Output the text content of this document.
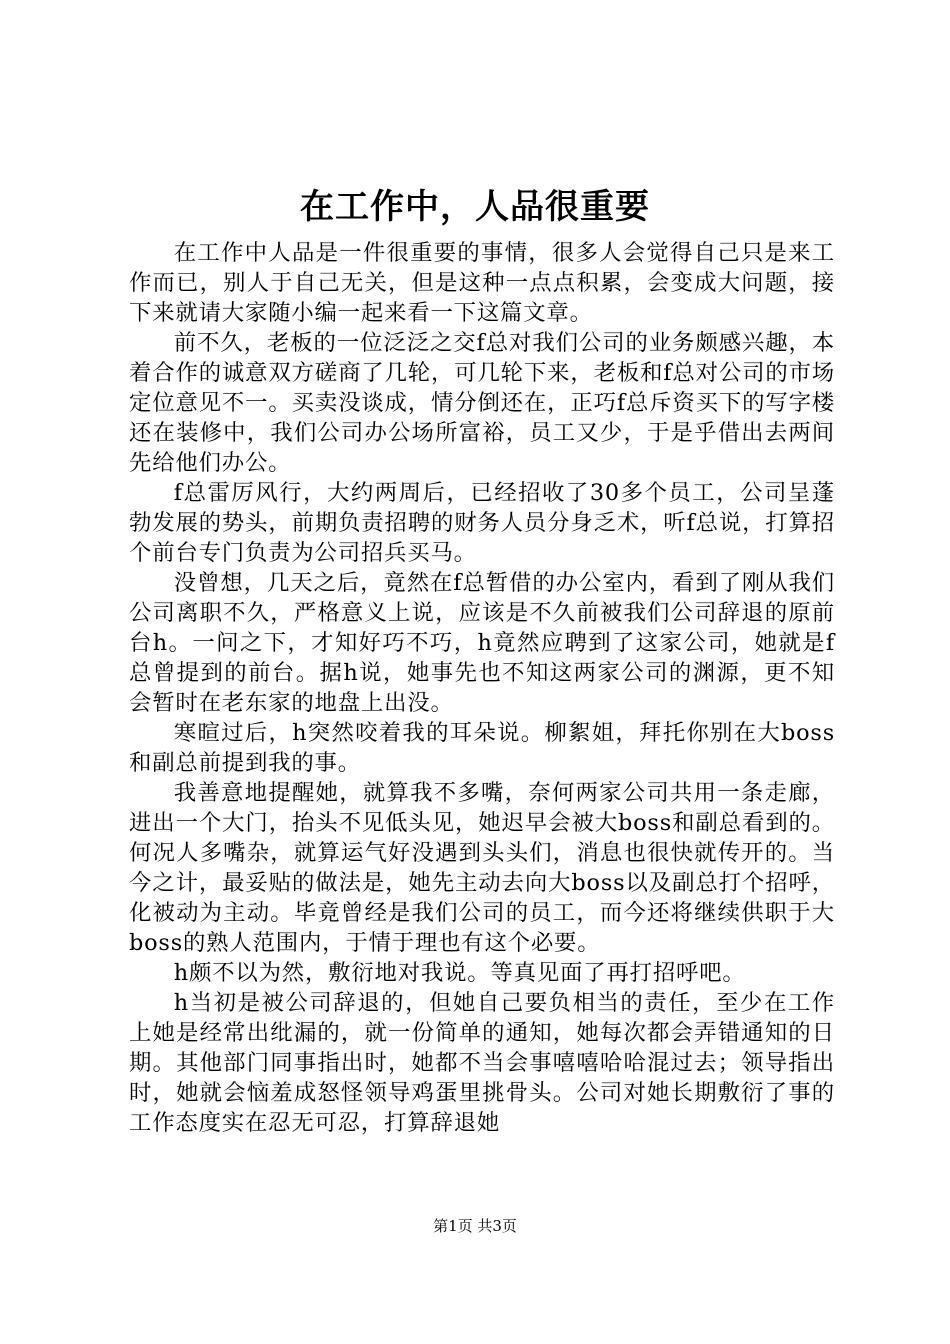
在工作中，人品很重要

在工作中人品是一件很重要的事情，很多人会觉得自己只是来工作而已，别人于自己无关，但是这种一点点积累，会变成大问题，接下来就请大家随小编一起来看一下这篇文章。

前不久，老板的一位泛泛之交f总对我们公司的业务颇感兴趣，本着合作的诚意双方磋商了几轮，可几轮下来，老板和f总对公司的市场定位意见不一。买卖没谈成，情分倒还在，正巧f总斥资买下的写字楼还在装修中，我们公司办公场所富裕，员工又少，于是乎借出去两间先给他们办公。

f总雷厉风行，大约两周后，已经招收了30多个员工，公司呈蓬勃发展的势头，前期负责招聘的财务人员分身乏术，听f总说，打算招个前台专门负责为公司招兵买马。

没曾想，几天之后，竟然在f总暂借的办公室内，看到了刚从我们公司离职不久，严格意义上说，应该是不久前被我们公司辞退的原前台h。一问之下，才知好巧不巧，h竟然应聘到了这家公司，她就是f总曾提到的前台。据h说，她事先也不知这两家公司的渊源，更不知会暂时在老东家的地盘上出没。

寒暄过后，h突然咬着我的耳朵说。柳絮姐，拜托你别在大boss和副总前提到我的事。

我善意地提醒她，就算我不多嘴，奈何两家公司共用一条走廊，进出一个大门，抬头不见低头见，她迟早会被大boss和副总看到的。何况人多嘴杂，就算运气好没遇到头头们，消息也很快就传开的。当今之计，最妥贴的做法是，她先主动去向大boss以及副总打个招呼，化被动为主动。毕竟曾经是我们公司的员工，而今还将继续供职于大boss的熟人范围内，于情于理也有这个必要。

h颇不以为然，敷衍地对我说。等真见面了再打招呼吧。

h当初是被公司辞退的，但她自己要负相当的责任，至少在工作上她是经常出纰漏的，就一份简单的通知，她每次都会弄错通知的日期。其他部门同事指出时，她都不当会事嘻嘻哈哈混过去；领导指出时，她就会恼羞成怒怪领导鸡蛋里挑骨头。公司对她长期敷衍了事的工作态度实在忍无可忍，打算辞退她

第1页 共3页
